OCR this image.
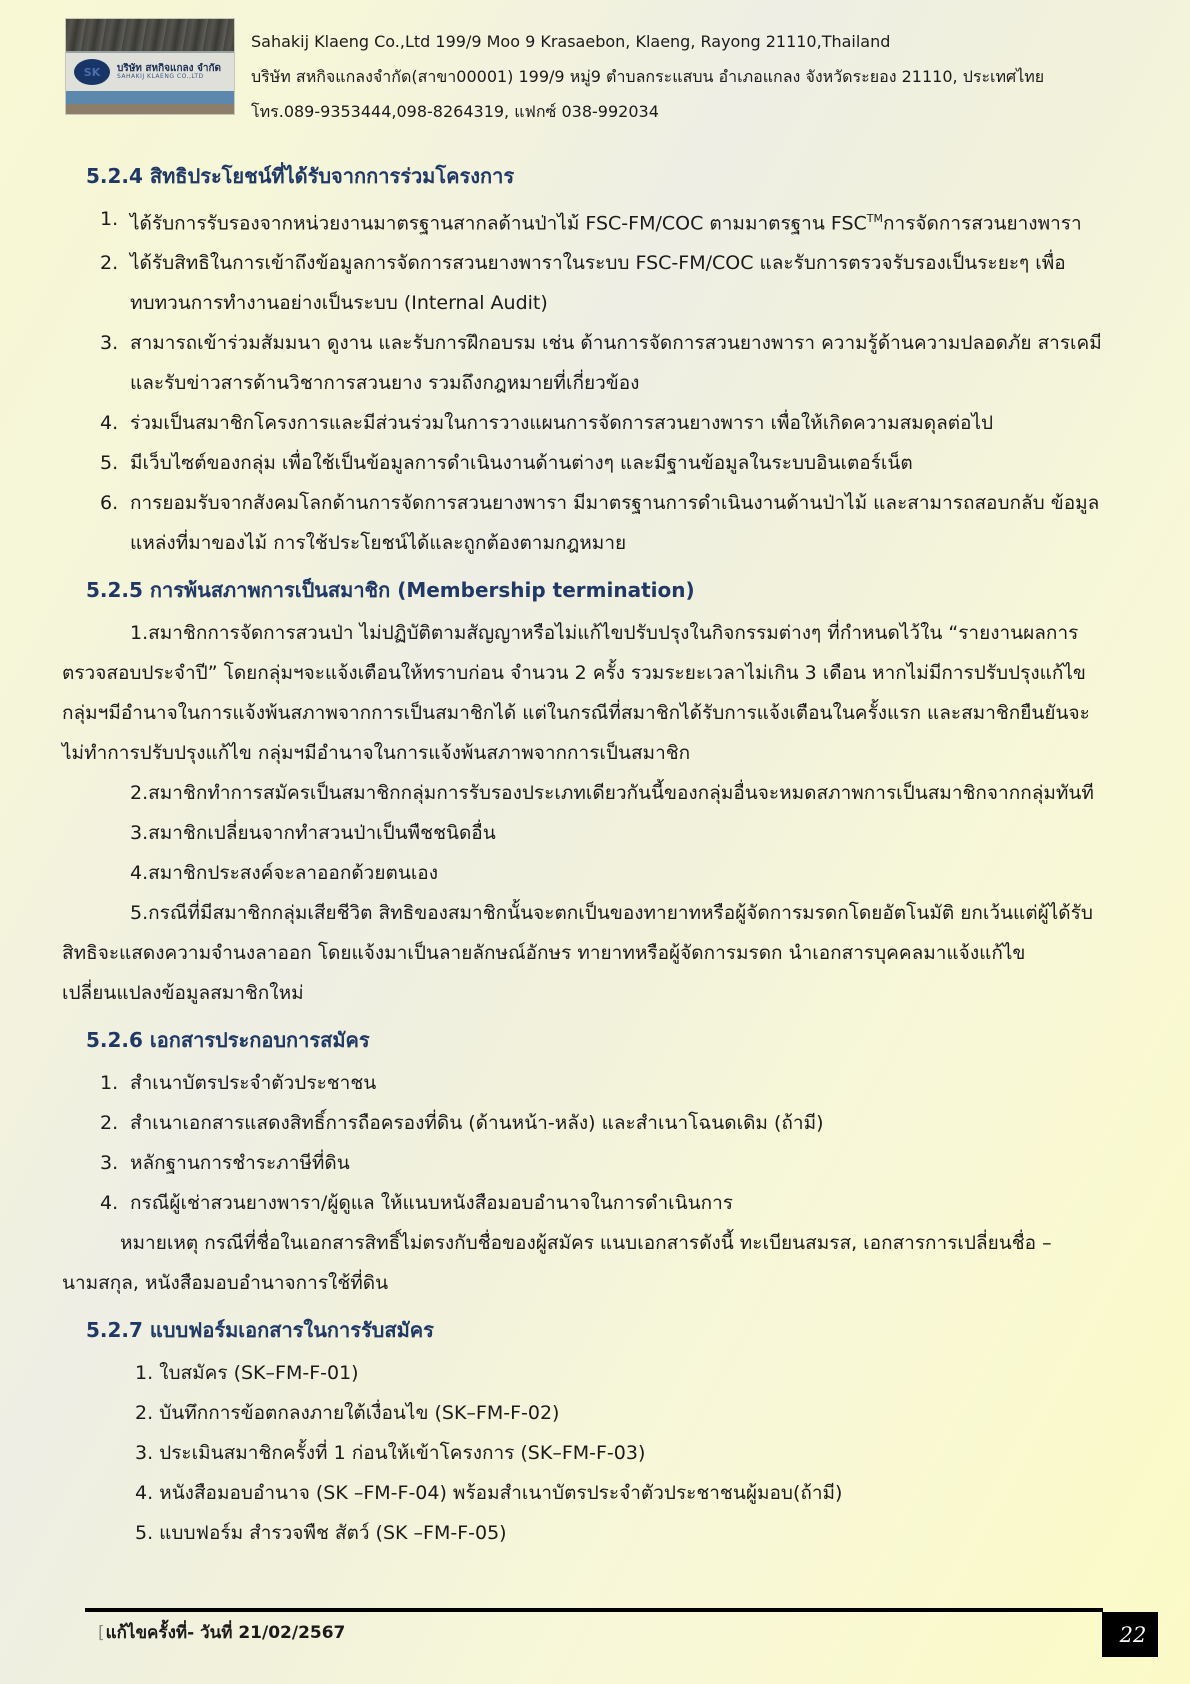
SK	บริษัท สหกิจแกลง จำกัด
SAHAKIJ KLAENG CO.,LTD
Sahakij Klaeng Co.,Ltd 199/9 Moo 9 Krasaebon, Klaeng, Rayong 21110,Thailand
บริษัท สหกิจแกลงจำกัด(สาขา00001) 199/9 หมู่9 ตำบลกระแสบน อำเภอแกลง จังหวัดระยอง 21110, ประเทศไทย
โทร.089-9353444,098-8264319, แฟกซ์ 038-992034
5.2.4 สิทธิประโยชน์ที่ได้รับจากการร่วมโครงการ
1. ได้รับการรับรองจากหน่วยงานมาตรฐานสากลด้านป่าไม้ FSC-FM/COC ตามมาตรฐาน FSC™การจัดการสวนยางพารา
2. ได้รับสิทธิในการเข้าถึงข้อมูลการจัดการสวนยางพาราในระบบ FSC-FM/COC และรับการตรวจรับรองเป็นระยะๆ เพื่อทบทวนการทำงานอย่างเป็นระบบ (Internal Audit)
3. สามารถเข้าร่วมสัมมนา ดูงาน และรับการฝึกอบรม เช่น ด้านการจัดการสวนยางพารา ความรู้ด้านความปลอดภัย สารเคมี และรับข่าวสารด้านวิชาการสวนยาง รวมถึงกฎหมายที่เกี่ยวข้อง
4. ร่วมเป็นสมาชิกโครงการและมีส่วนร่วมในการวางแผนการจัดการสวนยางพารา เพื่อให้เกิดความสมดุลต่อไป
5. มีเว็บไซต์ของกลุ่ม เพื่อใช้เป็นข้อมูลการดำเนินงานด้านต่างๆ และมีฐานข้อมูลในระบบอินเตอร์เน็ต
6. การยอมรับจากสังคมโลกด้านการจัดการสวนยางพารา มีมาตรฐานการดำเนินงานด้านป่าไม้ และสามารถสอบกลับ ข้อมูล แหล่งที่มาของไม้ การใช้ประโยชน์ได้และถูกต้องตามกฎหมาย
5.2.5 การพ้นสภาพการเป็นสมาชิก (Membership termination)
1.สมาชิกการจัดการสวนป่า ไม่ปฏิบัติตามสัญญาหรือไม่แก้ไขปรับปรุงในกิจกรรมต่างๆ ที่กำหนดไว้ใน “รายงานผลการตรวจสอบประจำปี” โดยกลุ่มฯจะแจ้งเตือนให้ทราบก่อน จำนวน 2 ครั้ง รวมระยะเวลาไม่เกิน 3 เดือน หากไม่มีการปรับปรุงแก้ไข กลุ่มฯมีอำนาจในการแจ้งพ้นสภาพจากการเป็นสมาชิกได้ แต่ในกรณีที่สมาชิกได้รับการแจ้งเตือนในครั้งแรก และสมาชิกยืนยันจะไม่ทำการปรับปรุงแก้ไข กลุ่มฯมีอำนาจในการแจ้งพ้นสภาพจากการเป็นสมาชิก
2.สมาชิกทำการสมัครเป็นสมาชิกกลุ่มการรับรองประเภทเดียวกันนี้ของกลุ่มอื่นจะหมดสภาพการเป็นสมาชิกจากกลุ่มทันที
3.สมาชิกเปลี่ยนจากทำสวนป่าเป็นพืชชนิดอื่น
4.สมาชิกประสงค์จะลาออกด้วยตนเอง
5.กรณีที่มีสมาชิกกลุ่มเสียชีวิต สิทธิของสมาชิกนั้นจะตกเป็นของทายาทหรือผู้จัดการมรดกโดยอัตโนมัติ ยกเว้นแต่ผู้ได้รับสิทธิจะแสดงความจำนงลาออก โดยแจ้งมาเป็นลายลักษณ์อักษร ทายาทหรือผู้จัดการมรดก นำเอกสารบุคคลมาแจ้งแก้ไขเปลี่ยนแปลงข้อมูลสมาชิกใหม่
5.2.6 เอกสารประกอบการสมัคร
1. สำเนาบัตรประจำตัวประชาชน
2. สำเนาเอกสารแสดงสิทธิ์การถือครองที่ดิน (ด้านหน้า-หลัง) และสำเนาโฉนดเดิม (ถ้ามี)
3. หลักฐานการชำระภาษีที่ดิน
4. กรณีผู้เช่าสวนยางพารา/ผู้ดูแล ให้แนบหนังสือมอบอำนาจในการดำเนินการ
หมายเหตุ กรณีที่ชื่อในเอกสารสิทธิ์ไม่ตรงกับชื่อของผู้สมัคร แนบเอกสารดังนี้ ทะเบียนสมรส, เอกสารการเปลี่ยนชื่อ – นามสกุล, หนังสือมอบอำนาจการใช้ที่ดิน
5.2.7 แบบฟอร์มเอกสารในการรับสมัคร
1. ใบสมัคร (SK–FM-F-01)
2. บันทึกการข้อตกลงภายใต้เงื่อนไข (SK–FM-F-02)
3. ประเมินสมาชิกครั้งที่ 1 ก่อนให้เข้าโครงการ (SK–FM-F-03)
4. หนังสือมอบอำนาจ (SK –FM-F-04) พร้อมสำเนาบัตรประจำตัวประชาชนผู้มอบ(ถ้ามี)
5. แบบฟอร์ม สำรวจพืช สัตว์ (SK –FM-F-05)
[แก้ไขครั้งที่- วันที่ 21/02/2567	22
